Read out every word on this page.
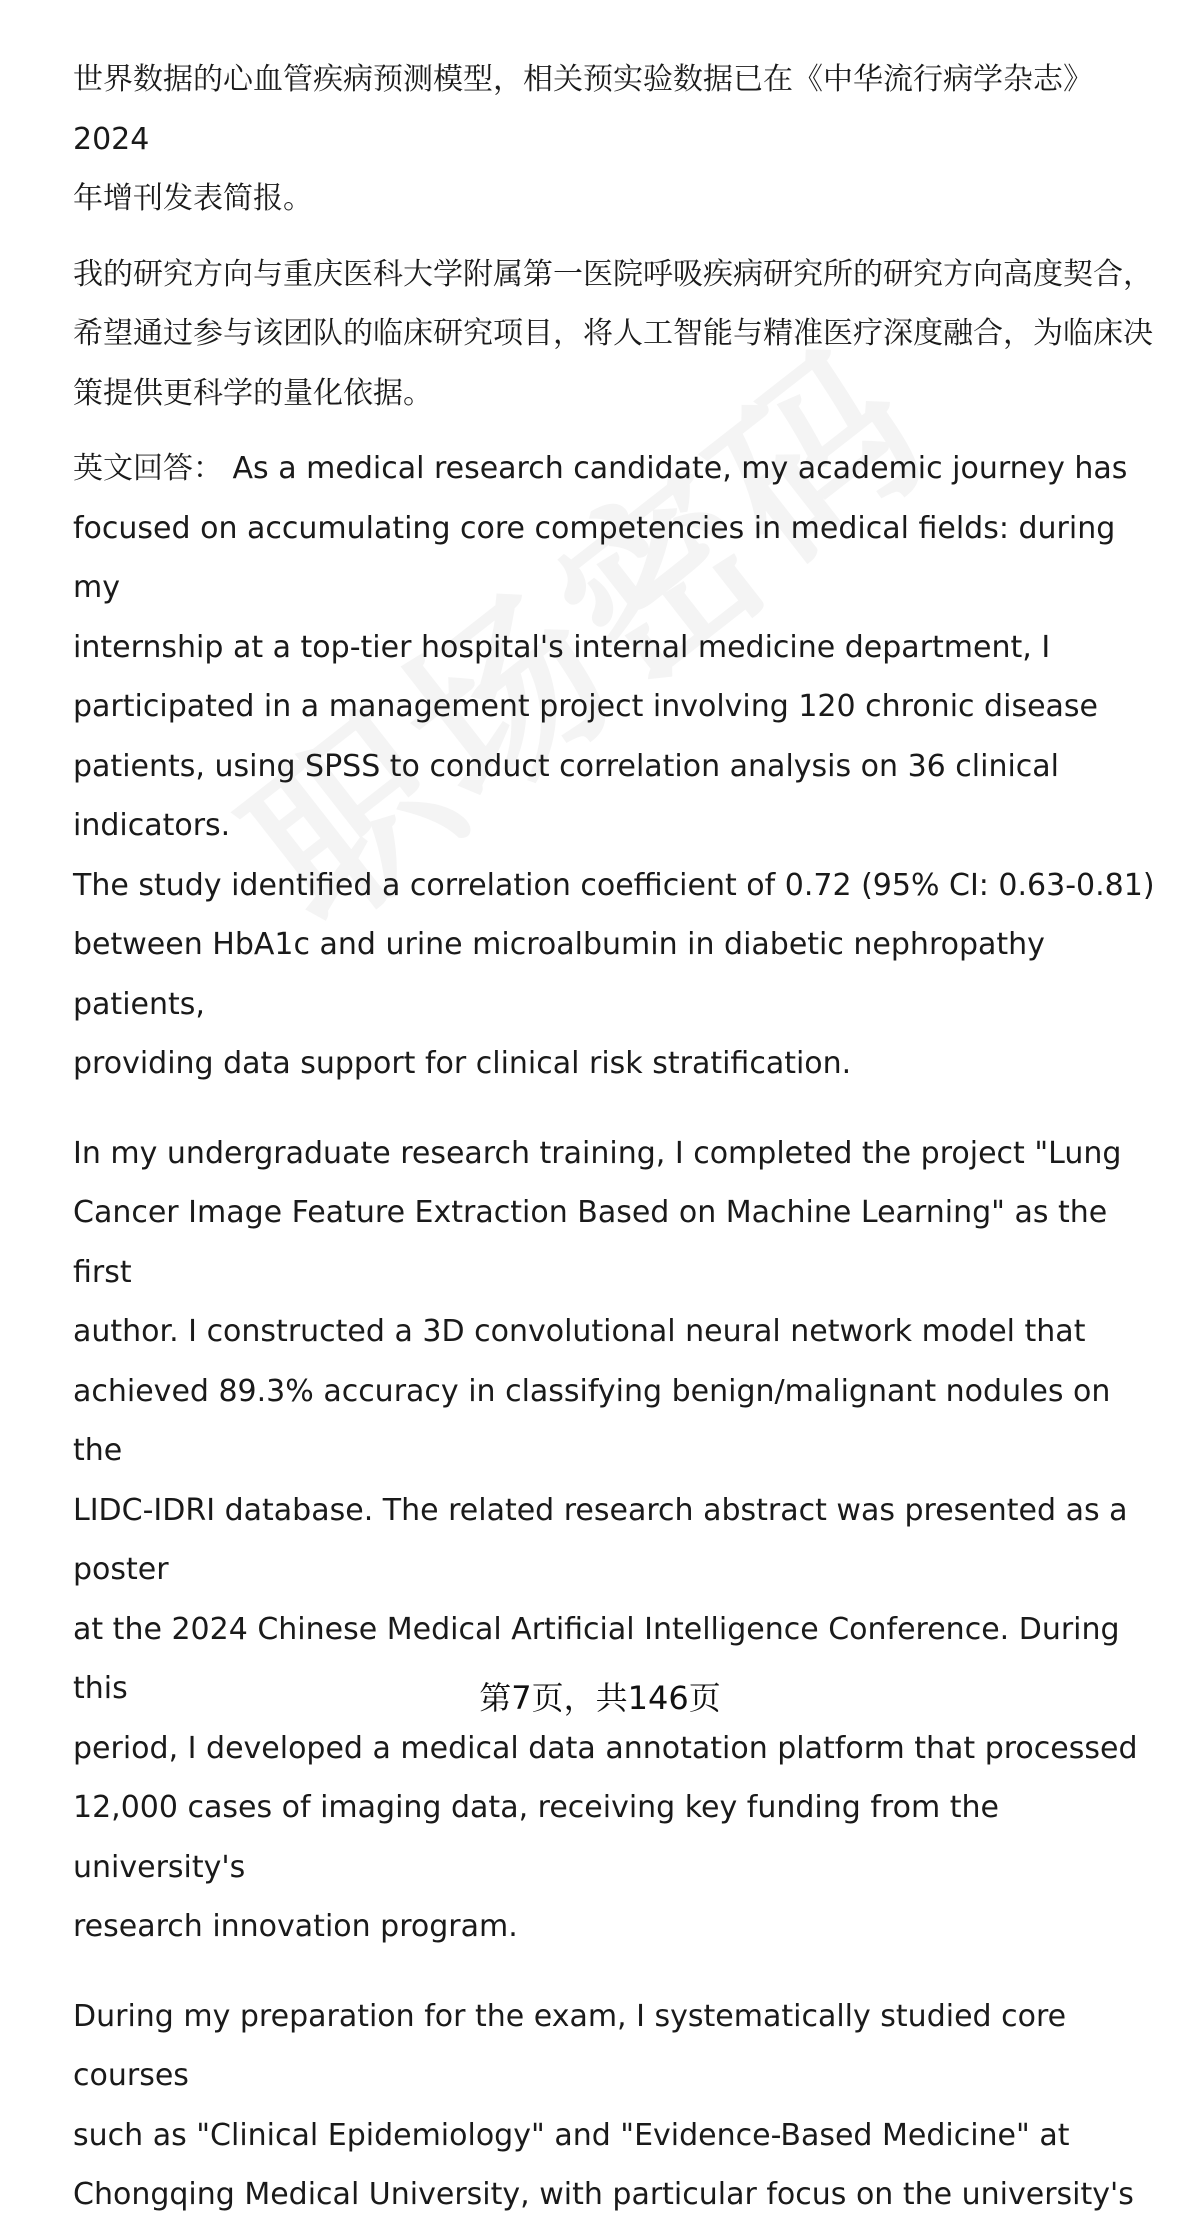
世界数据的心血管疾病预测模型，相关预实验数据已在《中华流行病学杂志》2024
年增刊发表简报。

我的研究方向与重庆医科大学附属第一医院呼吸疾病研究所的研究方向高度契合，
希望通过参与该团队的临床研究项目，将人工智能与精准医疗深度融合，为临床决
策提供更科学的量化依据。

英文回答： As a medical research candidate, my academic journey has
focused on accumulating core competencies in medical fields: during my
internship at a top-tier hospital's internal medicine department, I
participated in a management project involving 120 chronic disease
patients, using SPSS to conduct correlation analysis on 36 clinical indicators.
The study identified a correlation coefficient of 0.72 (95% CI: 0.63-0.81)
between HbA1c and urine microalbumin in diabetic nephropathy patients,
providing data support for clinical risk stratification.

In my undergraduate research training, I completed the project "Lung
Cancer Image Feature Extraction Based on Machine Learning" as the first
author. I constructed a 3D convolutional neural network model that
achieved 89.3% accuracy in classifying benign/malignant nodules on the
LIDC-IDRI database. The related research abstract was presented as a poster
at the 2024 Chinese Medical Artificial Intelligence Conference. During this
period, I developed a medical data annotation platform that processed
12,000 cases of imaging data, receiving key funding from the university's
research innovation program.

During my preparation for the exam, I systematically studied core courses
such as "Clinical Epidemiology" and "Evidence-Based Medicine" at
Chongqing Medical University, with particular focus on the university's

第7页，共146页
